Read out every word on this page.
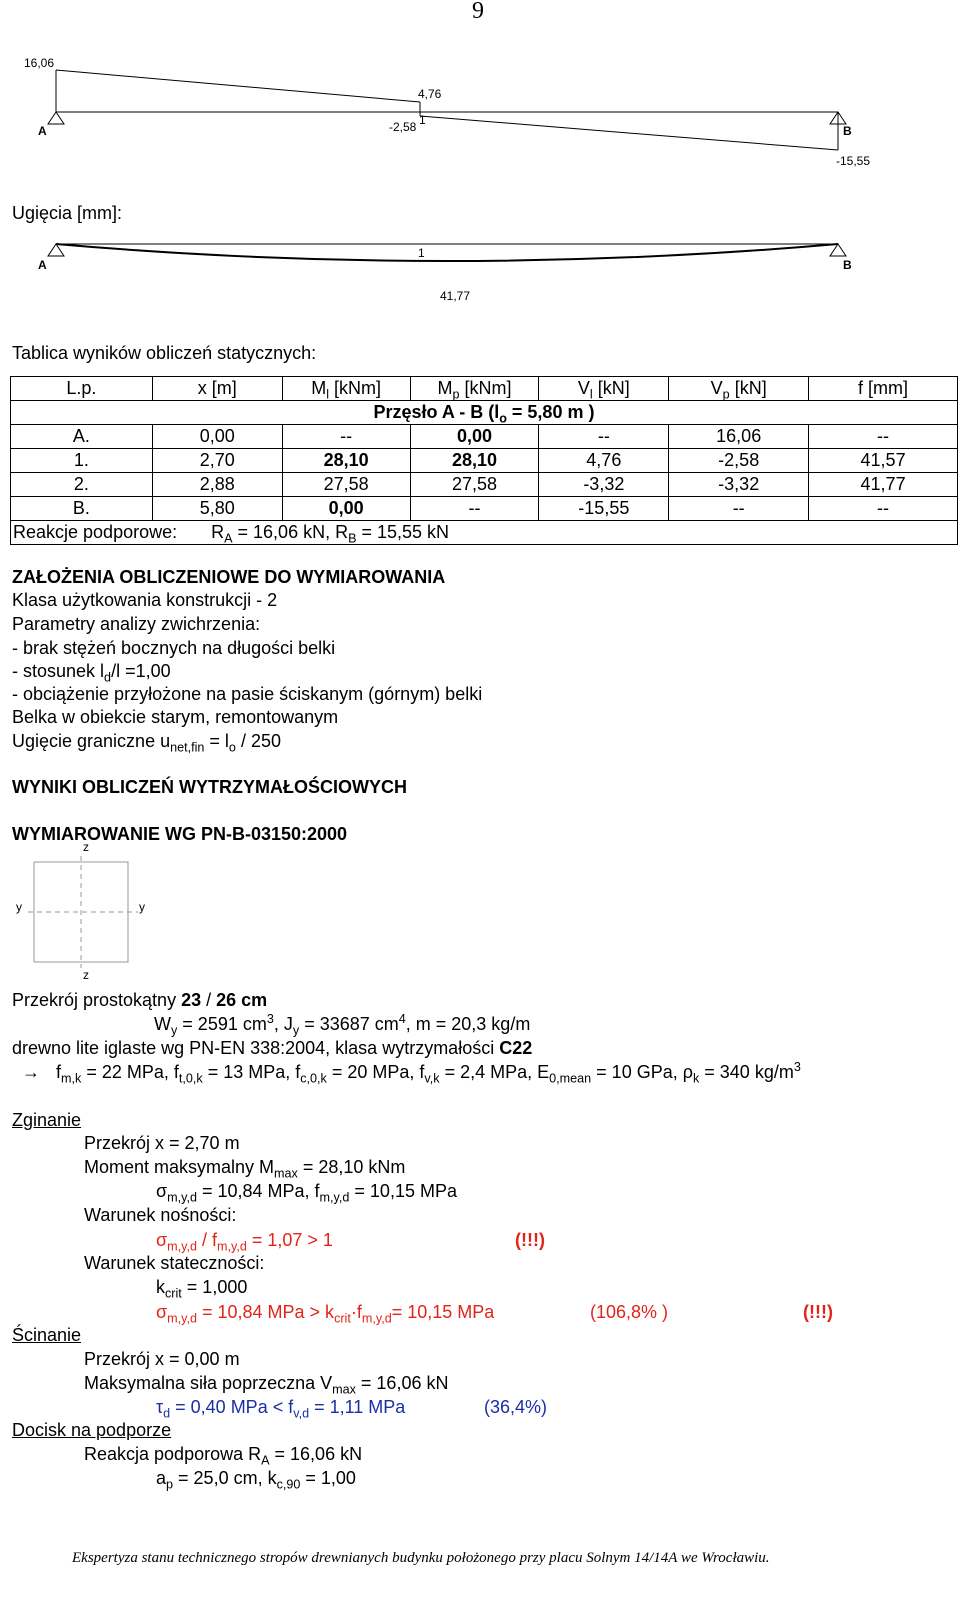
9
16,06
4,76
-2,58 1
-15,55
A	B
Ugięcia [mm]:
1
A	B
41,77
Tablica wyników obliczeń statycznych:
L.p.	x [m]	$M_l$ [kNm]	$M_p$ [kNm]	$V_l$ [kN]	$V_p$ [kN]	f [mm]
Przęsło A - B ($l_o = 5,80$ m )						
A.	0,00	--	0,00	--	16,06	--
1.	2,70	28,10	28,10	4,76	-2,58	41,57
2.	2,88	27,58	27,58	-3,32	-3,32	41,77
B.	5,80	0,00	--	-15,55	--	--
Reakcje podporowe: $R_A = 16,06$ kN, $R_B = 15,55$ kN						
ZAŁOŻENIA OBLICZENIOWE DO WYMIAROWANIA
Klasa użytkowania konstrukcji - 2
Parametry analizy zwichrzenia:
- brak stężeń bocznych na długości belki
- stosunek $l_d/l =1,00$
- obciążenie przyłożone na pasie ściskanym (górnym) belki
Belka w obiekcie starym, remontowanym
Ugięcie graniczne $u_{net,fin} = l_o / 250$
WYNIKI OBLICZEŃ WYTRZYMAŁOŚCIOWYCH
WYMIAROWANIE WG PN-B-03150:2000
z
z
y	y
Przekrój prostokątny 23 / 26 cm
$W_y = 2591$ $cm^3$, $J_y = 33687$ $cm^4$, m = 20,3 kg/m
drewno lite iglaste wg PN-EN 338:2004, klasa wytrzymałości C22
→ $f_{m,k} = 22$ MPa, $f_{t,0,k} = 13$ MPa, $f_{c,0,k} = 20$ MPa, $f_{v,k} = 2,4$ MPa, $E_{0,mean} = 10$ GPa, $\rho_k = 340$ $kg/m^3$
Zginanie
Przekrój x = 2,70 m
Moment maksymalny $M_{max} = 28,10$ kNm
$\sigma_{m,y,d} = 10,84$ MPa, $f_{m,y,d} = 10,15$ MPa
Warunek nośności:
$\sigma_{m,y,d} / f_{m,y,d} = 1,07 > 1$	(!!!)
Warunek stateczności:
$k_{crit} = 1,000$
$\sigma_{m,y,d} = 10,84$ MPa > $k_{crit}\cdot f_{m,y,d}= 10,15$ MPa	(106,8% )	(!!!)
Ścinanie
Przekrój x = 0,00 m
Maksymalna siła poprzeczna $V_{max} = 16,06$ kN
$\tau_d = 0,40$ MPa < $f_{v,d} = 1,11$ MPa	(36,4%)
Docisk na podporze
Reakcja podporowa $R_A = 16,06$ kN
$a_p = 25,0$ cm, $k_{c,90} = 1,00$
Ekspertyza stanu technicznego stropów drewnianych budynku położonego przy placu Solnym 14/14A we Wrocławiu.
